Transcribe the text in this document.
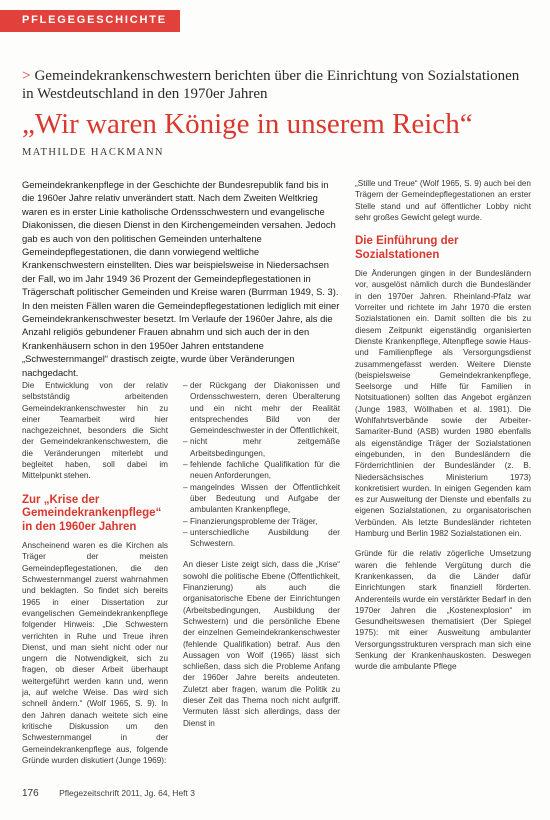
PFLEGEGESCHICHTE
> Gemeindekrankenschwestern berichten über die Einrichtung von Sozialstationen in Westdeutschland in den 1970er Jahren
„Wir waren Könige in unserem Reich“
MATHILDE HACKMANN

Gemeindekrankenpflege in der Geschichte der Bundesrepublik fand bis in die 1960er Jahre relativ unverändert statt. Nach dem Zweiten Weltkrieg waren es in erster Linie katholische Ordensschwestern und evangelische Diakonissen, die diesen Dienst in den Kirchengemeinden versahen. Jedoch gab es auch von den politischen Gemeinden unterhaltene Gemeindepflegestationen, die dann vorwiegend weltliche Krankenschwestern einstellten. Dies war beispielsweise in Niedersachsen der Fall, wo im Jahr 1949 36 Prozent der Gemeindepflegestationen in Trägerschaft politischer Gemeinden und Kreise waren (Burrman 1949, S. 3). In den meisten Fällen waren die Gemeindepflegestationen lediglich mit einer Gemeindekrankenschwester besetzt. Im Verlaufe der 1960er Jahre, als die Anzahl religiös gebundener Frauen abnahm und sich auch der in den Krankenhäusern schon in den 1950er Jahren entstandene „Schwesternmangel“ drastisch zeigte, wurde über Veränderungen nachgedacht.

Die Entwicklung von der relativ selbstständig arbeitenden Gemeindekrankenschwester hin zu einer Teamarbeit wird hier nachgezeichnet, besonders die Sicht der Gemeindekrankenschwestern, die die Veränderungen miterlebt und begleitet haben, soll dabei im Mittelpunkt stehen.

Zur „Krise der Gemeindekrankenpflege“ in den 1960er Jahren

Anscheinend waren es die Kirchen als Träger der meisten Gemeindepflegestationen, die den Schwesternmangel zuerst wahrnahmen und beklagten. So findet sich bereits 1965 in einer Dissertation zur evangelischen Gemeindekrankenpflege folgender Hinweis: „Die Schwestern verrichten in Ruhe und Treue ihren Dienst, und man sieht nicht oder nur ungern die Notwendigkeit, sich zu fragen, ob dieser Arbeit überhaupt weitergeführt werden kann und, wenn ja, auf welche Weise. Das wird sich schnell ändern.“ (Wolf 1965, S. 9). In den Jahren danach weitete sich eine kritische Diskussion um den Schwesternmangel in der Gemeindekrankenpflege aus, folgende Gründe wurden diskutiert (Junge 1969):

– der Rückgang der Diakonissen und Ordensschwestern, deren Überalterung und ein nicht mehr der Realität entsprechendes Bild von der Gemeindeschwester in der Öffentlichkeit,
– nicht mehr zeitgemäße Arbeitsbedingungen,
– fehlende fachliche Qualifikation für die neuen Anforderungen,
– mangelndes Wissen der Öffentlichkeit über Bedeutung und Aufgabe der ambulanten Krankenpflege,
– Finanzierungsprobleme der Träger,
– unterschiedliche Ausbildung der Schwestern.

An dieser Liste zeigt sich, dass die „Krise“ sowohl die politische Ebene (Öffentlichkeit, Finanzierung) als auch die organisatorische Ebene der Einrichtungen (Arbeitsbedingungen, Ausbildung der Schwestern) und die persönliche Ebene der einzelnen Gemeindekrankenschwester (fehlende Qualifikation) betraf. Aus den Aussagen von Wolf (1965) lässt sich schließen, dass sich die Probleme Anfang der 1960er Jahre bereits andeuteten. Zuletzt aber fragen, warum die Politik zu dieser Zeit das Thema noch nicht aufgriff. Vermuten lässt sich allerdings, dass der Dienst in

„Stille und Treue“ (Wolf 1965, S. 9) auch bei den Trägern der Gemeindepflegestationen an erster Stelle stand und auf öffentlicher Lobby nicht sehr großes Gewicht gelegt wurde.

Die Einführung der Sozialstationen

Die Änderungen gingen in der Bundesländern vor, ausgelöst nämlich durch die Bundesländer in den 1970er Jahren. Rheinland-Pfalz war Vorreiter und richtete im Jahr 1970 die ersten Sozialstationen ein. Damit sollten die bis zu diesem Zeitpunkt eigenständig organisierten Dienste Krankenpflege, Altenpflege sowie Haus- und Familienpflege als Versorgungsdienst zusammengefasst werden. Weitere Dienste (beispielsweise Gemeindekrankenpflege, Seelsorge und Hilfe für Familien in Notsituationen) sollten das Angebot ergänzen (Junge 1983, Wöllhaben et al. 1981). Die Wohlfahrtsverbände sowie der Arbeiter-Samariter-Bund (ASB) wurden 1980 ebenfalls als eigenständige Träger der Sozialstationen eingebunden, in den Bundesländern die Förderrichtlinien der Bundesländer (z. B. Niedersächsisches Ministerium 1973) konkretisiert wurden. In einigen Gegenden kam es zur Ausweitung der Dienste und ebenfalls zu eigenen Sozialstationen, zu organisatorischen Verbünden. Als letzte Bundesländer richteten Hamburg und Berlin 1982 Sozialstationen ein.

Gründe für die relativ zögerliche Umsetzung waren die fehlende Vergütung durch die Krankenkassen, da die Länder dafür Einrichtungen stark finanziell förderten. Anderenteils wurde ein verstärkter Bedarf in den 1970er Jahren die „Kostenexplosion“ im Gesundheitswesen thematisiert (Der Spiegel 1975): mit einer Ausweitung ambulanter Versorgungsstrukturen versprach man sich eine Senkung der Krankenhauskosten. Deswegen wurde die ambulante Pflege

176 Pflegezeitschrift 2011, Jg. 64, Heft 3
